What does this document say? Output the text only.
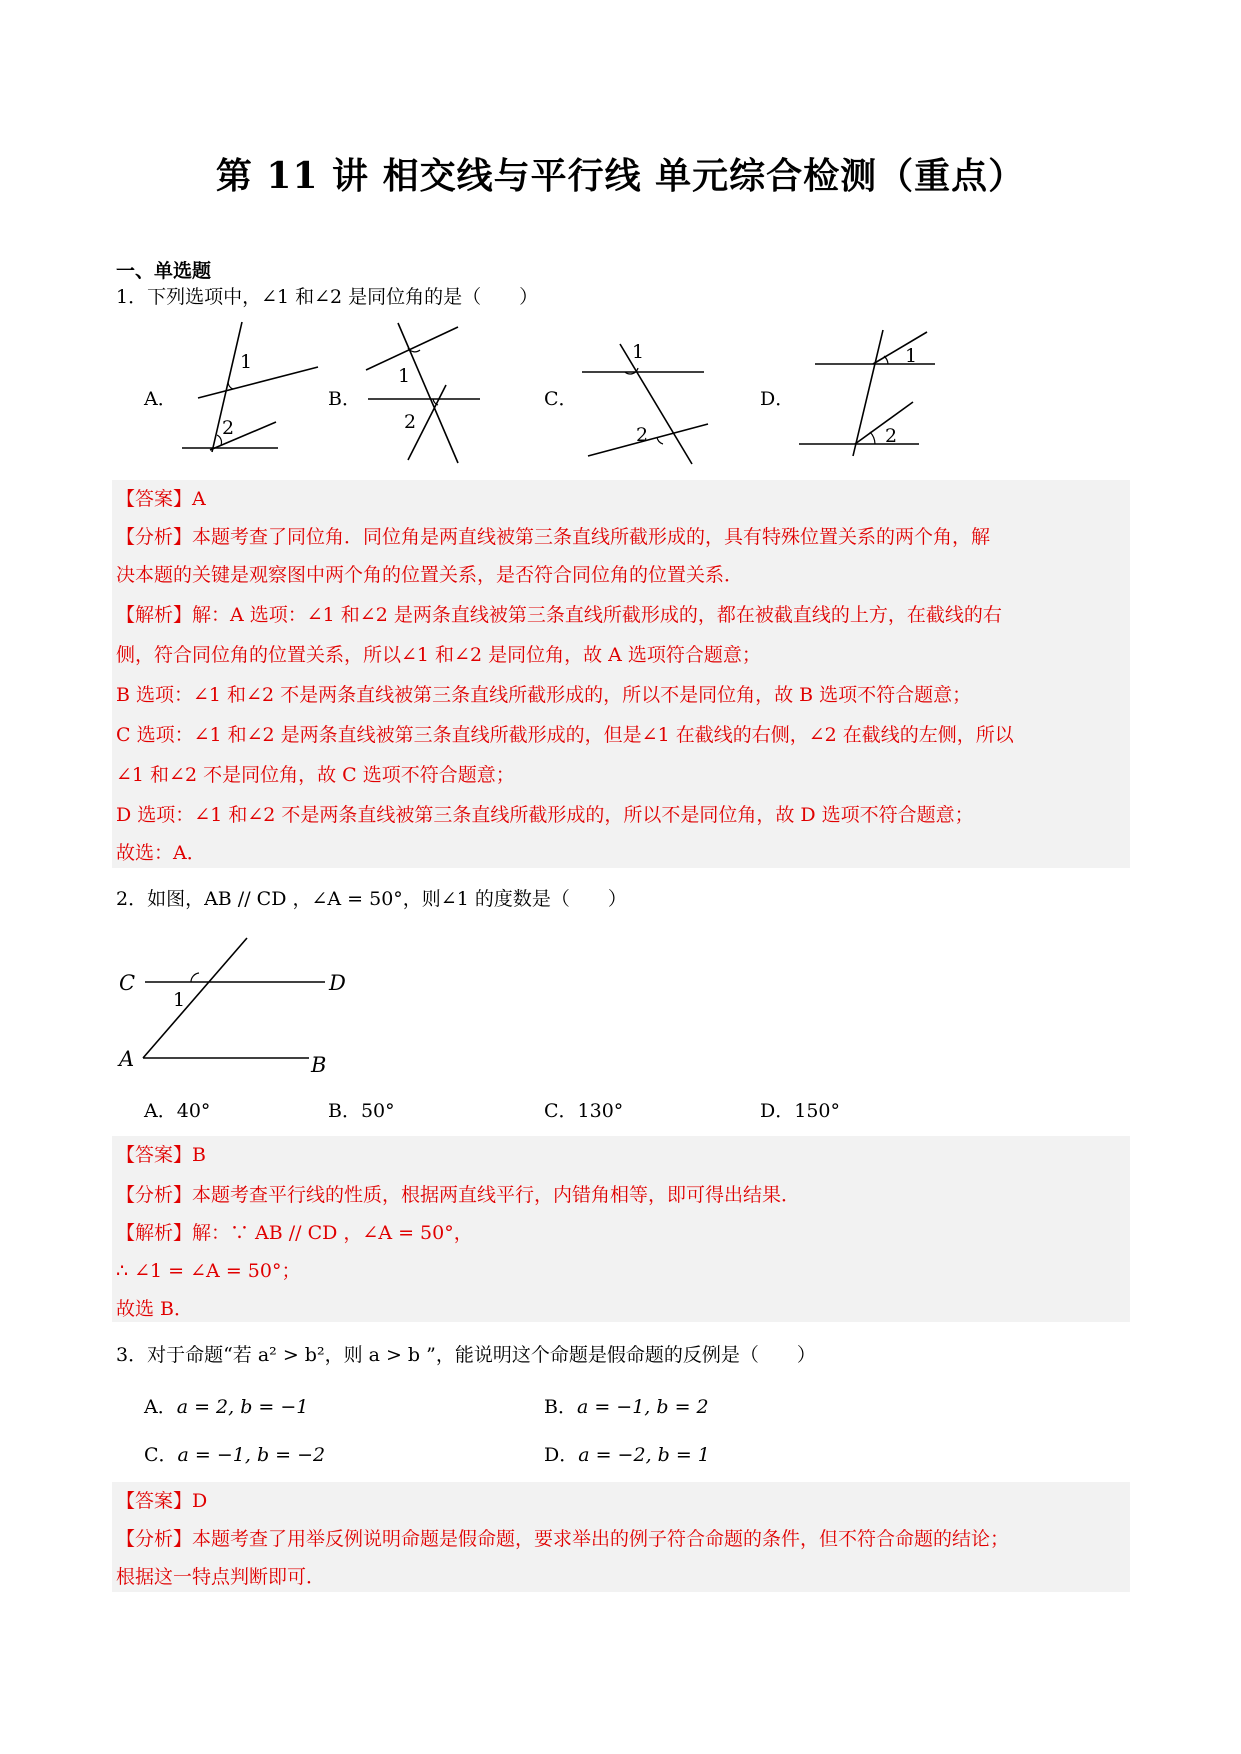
第 11 讲 相交线与平行线 单元综合检测（重点）
一、单选题
1．下列选项中，∠1 和∠2 是同位角的是（　　）
A．	B．	C．	D．
1
2
1
2
1
2
1
2
【答案】A
【分析】本题考查了同位角．同位角是两直线被第三条直线所截形成的，具有特殊位置关系的两个角，解
决本题的关键是观察图中两个角的位置关系，是否符合同位角的位置关系．
【解析】解：A 选项：∠1 和∠2 是两条直线被第三条直线所截形成的，都在被截直线的上方，在截线的右
侧，符合同位角的位置关系，所以∠1 和∠2 是同位角，故 A 选项符合题意；
B 选项：∠1 和∠2 不是两条直线被第三条直线所截形成的，所以不是同位角，故 B 选项不符合题意；
C 选项：∠1 和∠2 是两条直线被第三条直线所截形成的，但是∠1 在截线的右侧，∠2 在截线的左侧，所以
∠1 和∠2 不是同位角，故 C 选项不符合题意；
D 选项：∠1 和∠2 不是两条直线被第三条直线所截形成的，所以不是同位角，故 D 选项不符合题意；
故选：A．
2．如图，AB // CD ，∠A = 50°，则∠1 的度数是（　　）
C	D
A	B
1
A．40°	B．50°	C．130°	D．150°
【答案】B
【分析】本题考查平行线的性质，根据两直线平行，内错角相等，即可得出结果．
【解析】解：∵ AB // CD ，∠A = 50°，
∴ ∠1 = ∠A = 50°；
故选 B．
3．对于命题“若 a² > b²，则 a > b ”，能说明这个命题是假命题的反例是（　　）
A．a = 2, b = −1	B．a = −1, b = 2
C．a = −1, b = −2	D．a = −2, b = 1
【答案】D
【分析】本题考查了用举反例说明命题是假命题，要求举出的例子符合命题的条件，但不符合命题的结论；
根据这一特点判断即可．
